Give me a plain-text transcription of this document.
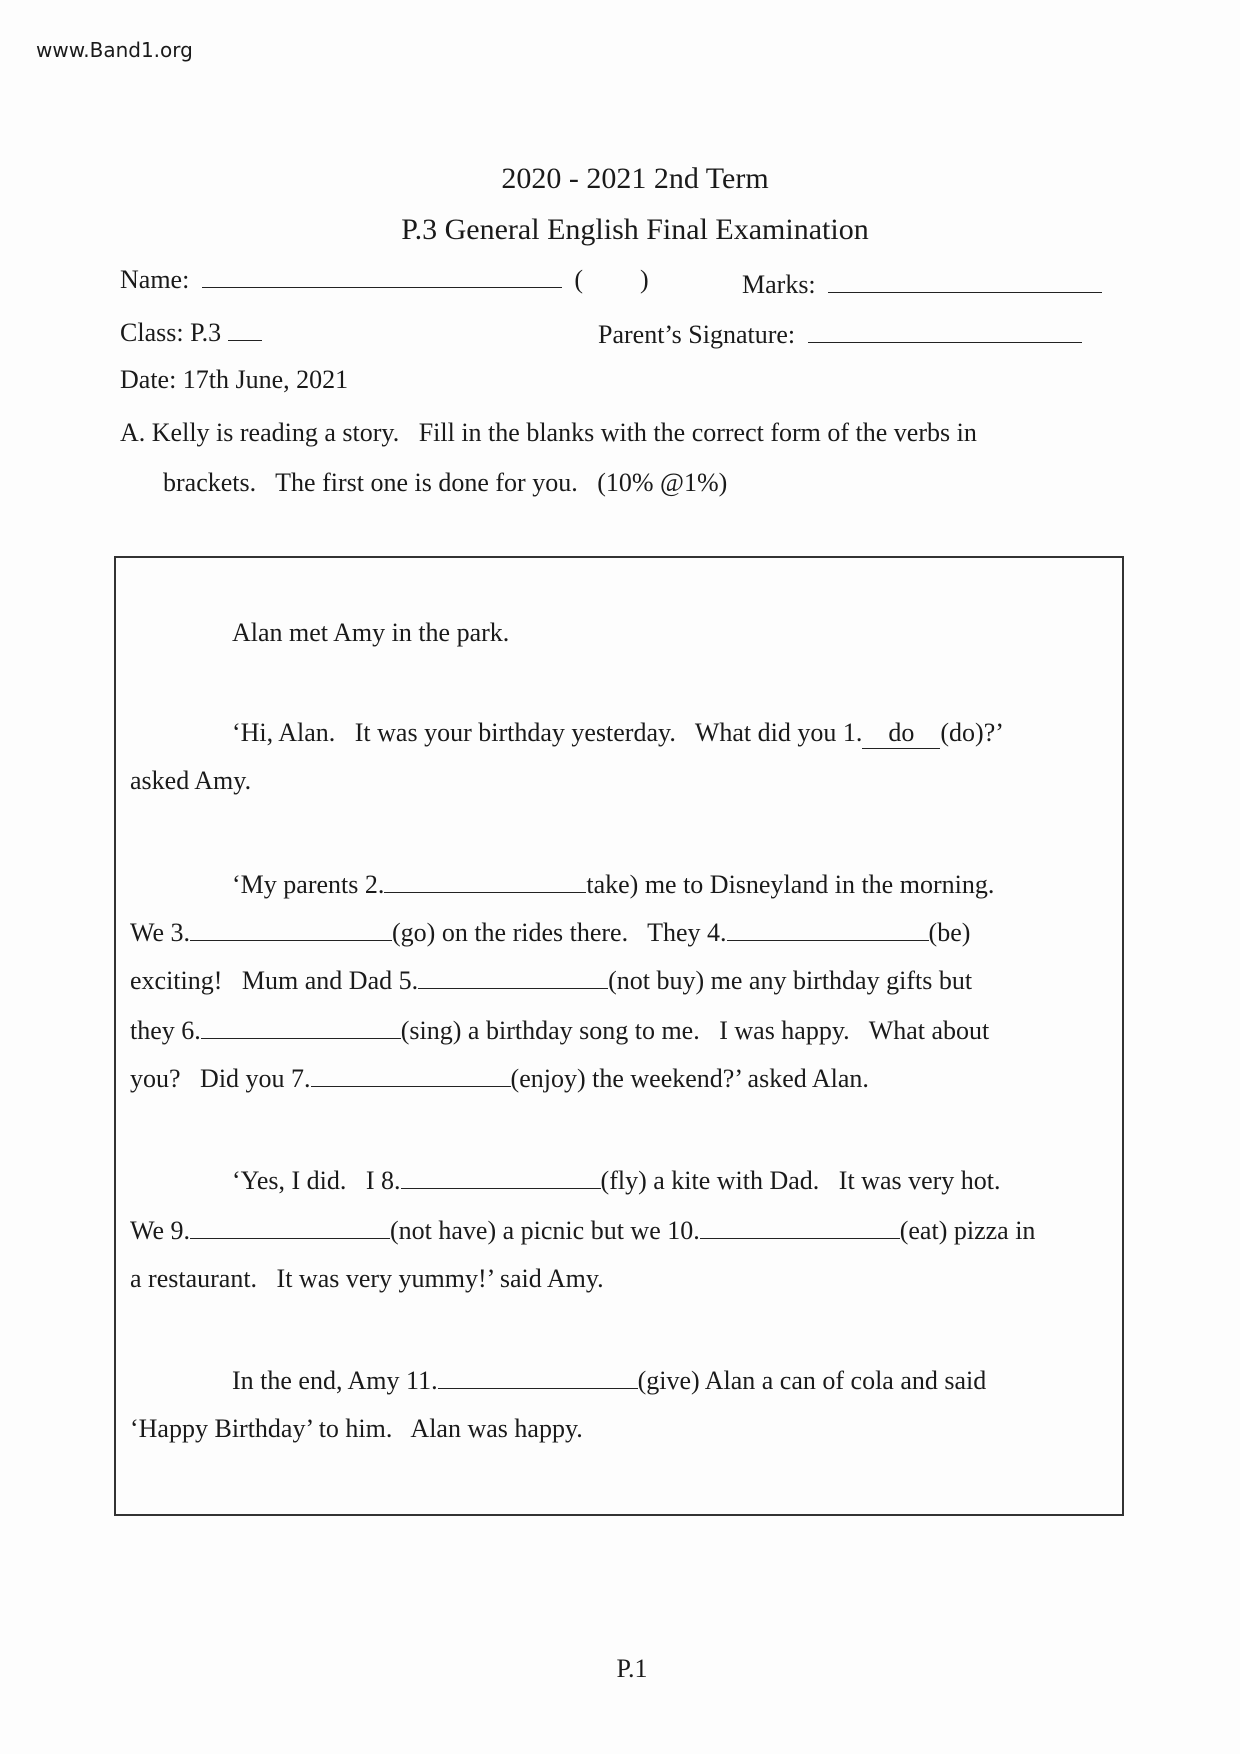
www.Band1.org
2020 - 2021 2nd Term
P.3 General English Final Examination
Name:	( )	Marks:
Class: P.3	Parent’s Signature:
Date: 17th June, 2021
A. Kelly is reading a story.   Fill in the blanks with the correct form of the verbs in
brackets.   The first one is done for you.   (10% @1%)
Alan met Amy in the park.
‘Hi, Alan.   It was your birthday yesterday.   What did you 1. do (do)?’
asked Amy.
‘My parents 2.	take) me to Disneyland in the morning.
We 3.	(go) on the rides there.   They 4.	(be)
exciting!   Mum and Dad 5.	(not buy) me any birthday gifts but
they 6.	(sing) a birthday song to me.   I was happy.   What about
you?   Did you 7.	(enjoy) the weekend?’ asked Alan.
‘Yes, I did.   I 8.	(fly) a kite with Dad.   It was very hot.
We 9.	(not have) a picnic but we 10.	(eat) pizza in
a restaurant.   It was very yummy!’ said Amy.
In the end, Amy 11.	(give) Alan a can of cola and said
‘Happy Birthday’ to him.   Alan was happy.
P.1
